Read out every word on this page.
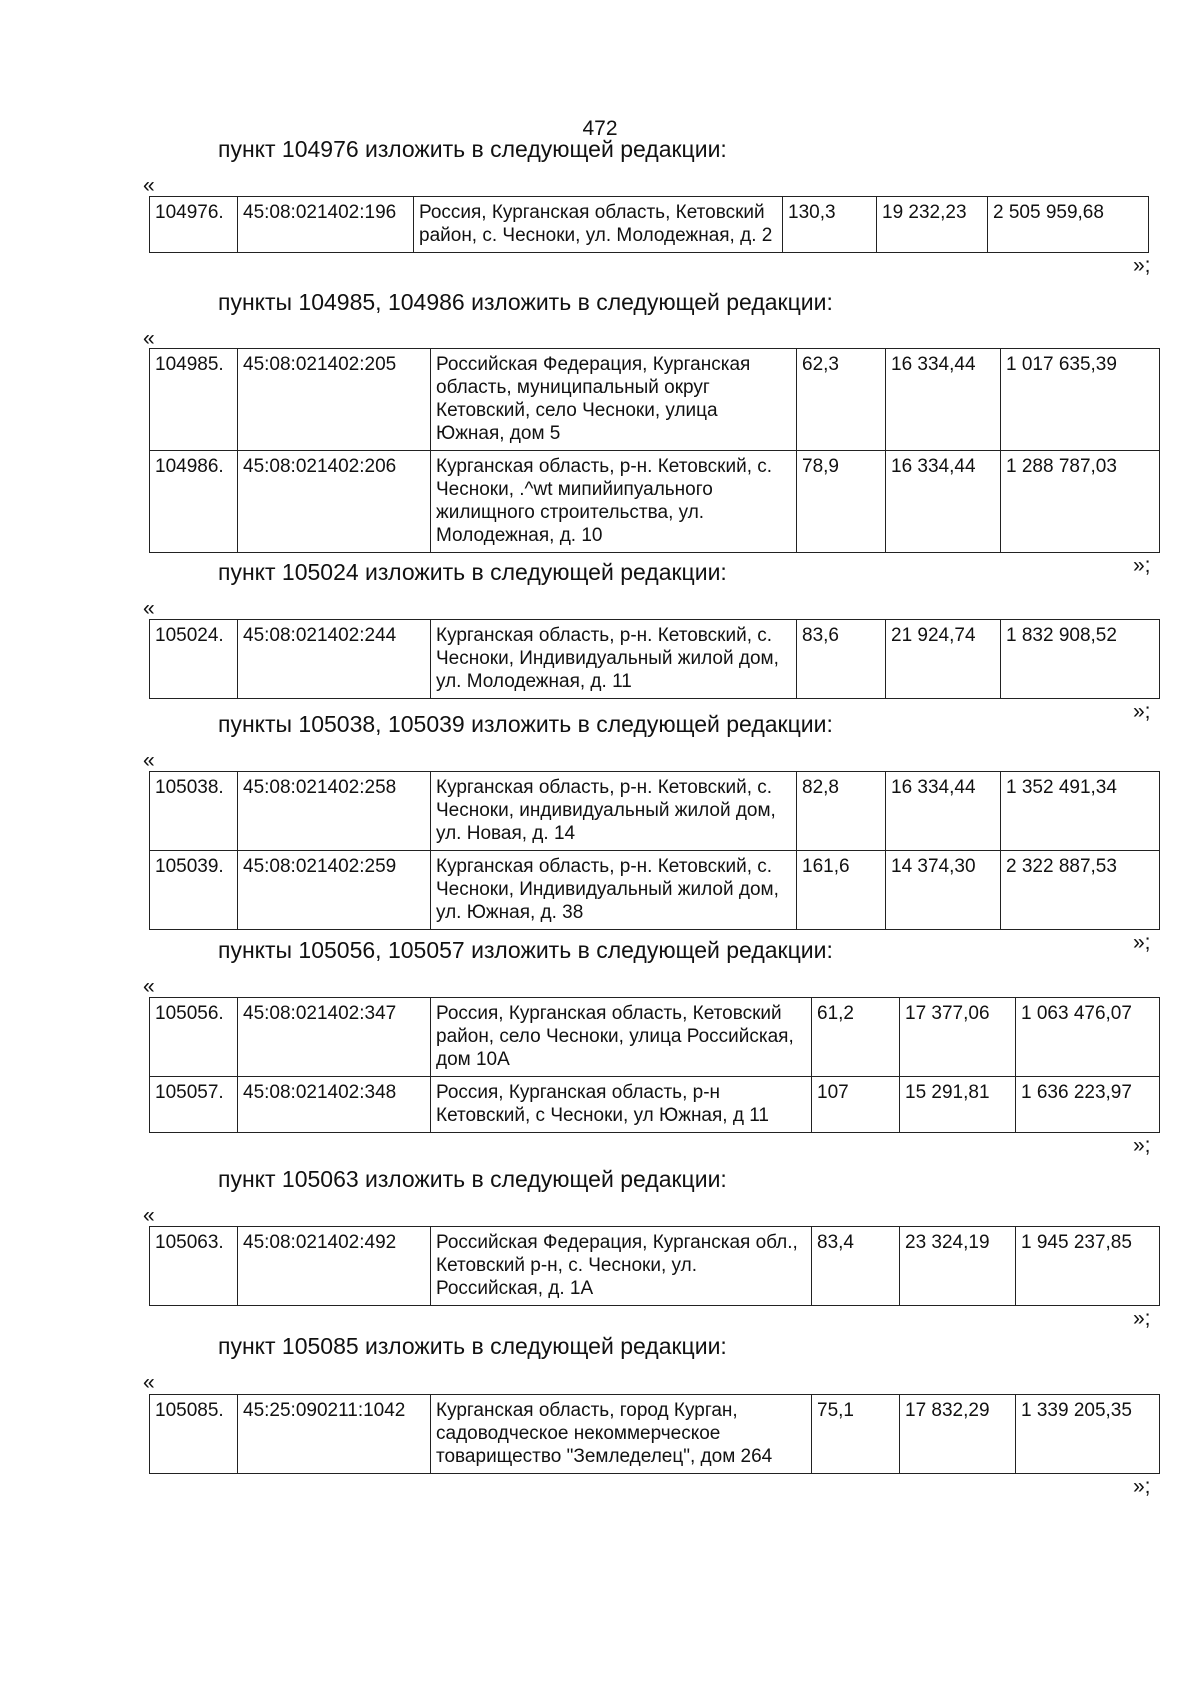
472
пункт 104976 изложить в следующей редакции:
«
104976.	45:08:021402:196	Россия, Курганская область, Кетовский район, с. Чесноки, ул. Молодежная, д. 2	130,3	19 232,23	2 505 959,68
»;
пункты 104985, 104986 изложить в следующей редакции:
«
104985.	45:08:021402:205	Российская Федерация, Курганская область, муниципальный округ Кетовский, село Чесноки, улица Южная, дом 5	62,3	16 334,44	1 017 635,39
104986.	45:08:021402:206	Курганская область, р-н. Кетовский, с. Чесноки, .^wt мипийипуального жилищного строительства, ул. Молодежная, д. 10	78,9	16 334,44	1 288 787,03
»;
пункт 105024 изложить в следующей редакции:
«
105024.	45:08:021402:244	Курганская область, р-н. Кетовский, с. Чесноки, Индивидуальный жилой дом, ул. Молодежная, д. 11	83,6	21 924,74	1 832 908,52
»;
пункты 105038, 105039 изложить в следующей редакции:
«
105038.	45:08:021402:258	Курганская область, р-н. Кетовский, с. Чесноки, индивидуальный жилой дом, ул. Новая, д. 14	82,8	16 334,44	1 352 491,34
105039.	45:08:021402:259	Курганская область, р-н. Кетовский, с. Чесноки, Индивидуальный жилой дом, ул. Южная, д. 38	161,6	14 374,30	2 322 887,53
»;
пункты 105056, 105057 изложить в следующей редакции:
«
105056.	45:08:021402:347	Россия, Курганская область, Кетовский район, село Чесноки, улица Российская, дом 10А	61,2	17 377,06	1 063 476,07
105057.	45:08:021402:348	Россия, Курганская область, р-н Кетовский, с Чесноки, ул Южная, д 11	107	15 291,81	1 636 223,97
»;
пункт 105063 изложить в следующей редакции:
«
105063.	45:08:021402:492	Российская Федерация, Курганская обл., Кетовский р-н, с. Чесноки, ул. Российская, д. 1А	83,4	23 324,19	1 945 237,85
»;
пункт 105085 изложить в следующей редакции:
«
105085.	45:25:090211:1042	Курганская область, город Курган, садоводческое некоммерческое товарищество "Земледелец", дом 264	75,1	17 832,29	1 339 205,35
»;
